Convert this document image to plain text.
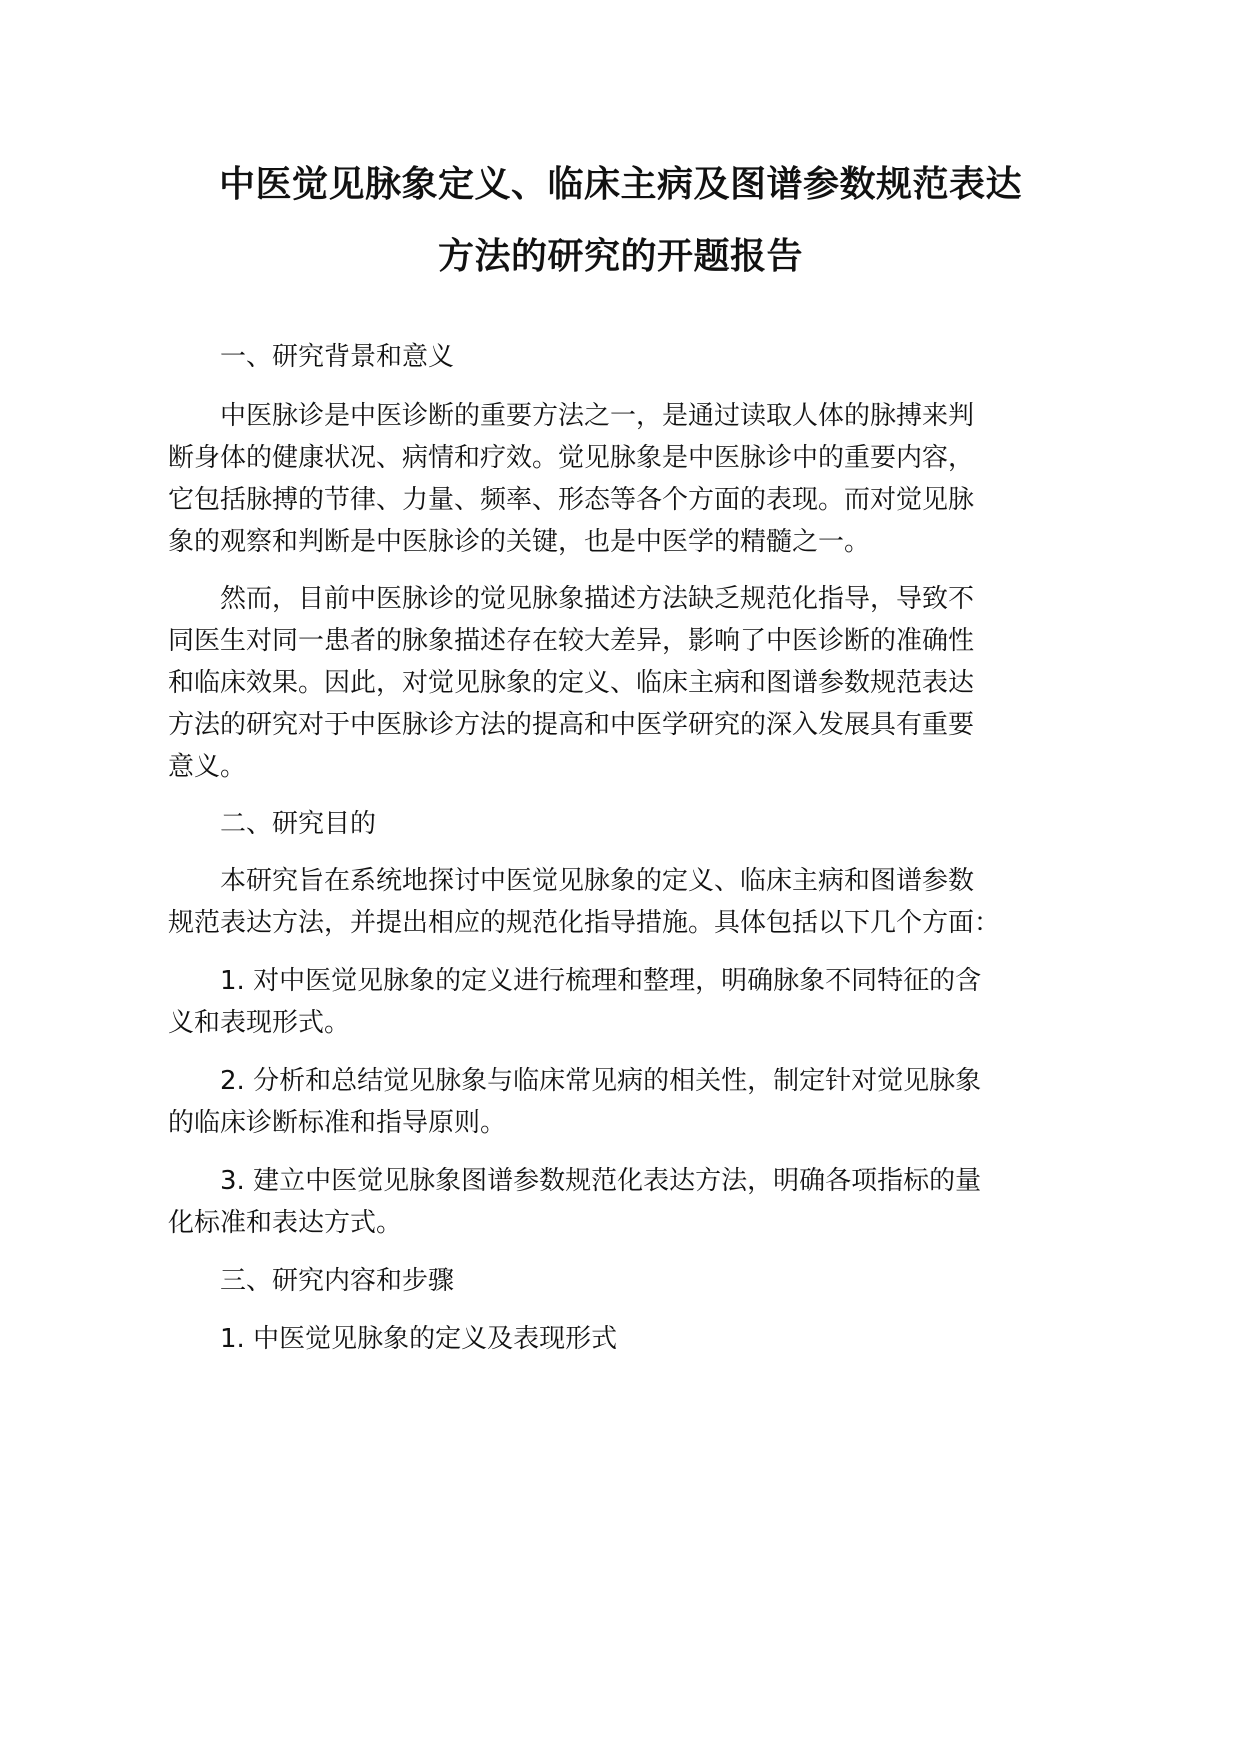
中医觉见脉象定义、临床主病及图谱参数规范表达
方法的研究的开题报告
一、研究背景和意义
中医脉诊是中医诊断的重要方法之一，是通过读取人体的脉搏来判
断身体的健康状况、病情和疗效。觉见脉象是中医脉诊中的重要内容，
它包括脉搏的节律、力量、频率、形态等各个方面的表现。而对觉见脉
象的观察和判断是中医脉诊的关键，也是中医学的精髓之一。
然而，目前中医脉诊的觉见脉象描述方法缺乏规范化指导，导致不
同医生对同一患者的脉象描述存在较大差异，影响了中医诊断的准确性
和临床效果。因此，对觉见脉象的定义、临床主病和图谱参数规范表达
方法的研究对于中医脉诊方法的提高和中医学研究的深入发展具有重要
意义。
二、研究目的
本研究旨在系统地探讨中医觉见脉象的定义、临床主病和图谱参数
规范表达方法，并提出相应的规范化指导措施。具体包括以下几个方面：
1. 对中医觉见脉象的定义进行梳理和整理，明确脉象不同特征的含
义和表现形式。
2. 分析和总结觉见脉象与临床常见病的相关性，制定针对觉见脉象
的临床诊断标准和指导原则。
3. 建立中医觉见脉象图谱参数规范化表达方法，明确各项指标的量
化标准和表达方式。
三、研究内容和步骤
1. 中医觉见脉象的定义及表现形式
